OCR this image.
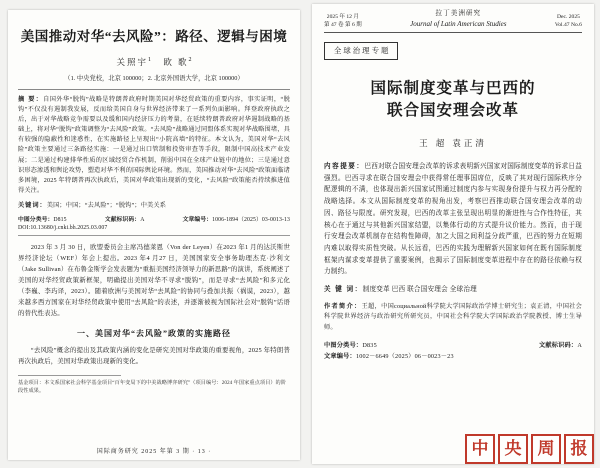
美国推动对华“去风险”：路径、逻辑与困境
关照宇$^1$ 欧 歌$^2$
（1. 中央党校，北京 100000；2. 北京外国语大学，北京 100000）
摘 要：自国外华“脱钩”战略是特朗普政府时期美国对华经贸政策的重要内容，事实证明，“脱钩”不仅没有遏制我发展，反而给美国自身与世界经济带来了一系列负面影响。拜登政府执政之后，出于对华战略竞争需要以及缓和国内经济压力的考量，在延续特朗普政府对华遏制战略的基础上，将对华“脱钩”政策调整为“去风险”政策。“去风险”战略通过同盟体系实现对华战略围堵，具有较强的隐蔽性和迷惑性，在实施路径上呈现出“小院高墙”的特征。本文认为，美国对华“去风险”政策主要通过三条路径实施：一是通过出口管制和投资审查等手段，限制中国高技术产业发展；二是通过构建排华性质的区域经贸合作机制，削弱中国在全球产业链中的地位；三是通过意识形态渗透和舆论攻势，塑造对华不利的国际舆论环境。然而，美国推动对华“去风险”政策面临诸多困境，2025 年特朗普再次执政后，美国对华政策出现新的变化，“去风险”政策能否持续推进值得关注。
关键词：美国；中国；“去风险”；“脱钩”；中美关系
中图分类号：D815	文献标识码：A	文章编号：1006-1894（2025）03-0013-13
DOI:10.13680/j.cnki.bh.2025.03.007

2023 年 3 月 30 日，欧盟委员会主席冯德莱恩（Von der Leyen）在2023 年1 月的达沃斯世界经济论坛（WEF）年会上提出。2023 年4 月27 日，美国国家安全事务助理杰克·沙利文（Jake Sullivan）在布鲁金斯学会发表题为“重振美国经济领导力的新思路”的演讲，系统阐述了美国的对华经贸政策新框架，明确提出美国对华不寻求“脱钩”，而是寻求“去风险”和多元化（李巍、李玙译，2023）。随着欧洲与美国对华“去风险”的协同与叠加共振（祸谟，2023），越来越多西方国家在对华经贸政策中使用“去风险”的表述，并逐渐被视为国际社会对“脱钩”话语的替代性表达。

一、美国对华“去风险”政策的实施路径

“去风险”概念的提出及其政策内涵的变化是研究美国对华政策的重要视角，2025 年特朗普再次执政后，美国对华政策出现新的变化。

基金项目：本文系国家社会科学基金项目“百年变局下的中美战略博弈研究”（项目编号：2024 年国家重点项目）的阶段性成果。
国际商务研究 2025 年第 3 期 · 13 ·
2025 年 12 月
第 47 卷 第 6 期
拉丁美洲研究
Journal of Latin American Studies
Dec. 2025
Vol.47 No.6
全球治理专题
国际制度变革与巴西的
联合国安理会改革
王 超 袁正清
内容提要：巴西对联合国安理会改革的诉求表明新兴国家对国际制度变革的诉求日益强烈。巴西寻求在联合国安理会中获得常任理事国席位，反映了其对现行国际秩序分配逻辑的不满，也体现出新兴国家试图通过制度内参与实现身份提升与权力再分配的战略选择。本文从国际制度变革的视角出发，考察巴西推动联合国安理会改革的动因、路径与限度。研究发现，巴西的改革主张呈现出明显的渐进性与合作性特征，其核心在于通过与其他新兴国家结盟，以集体行动的方式提升议价能力。然而，由于现行安理会改革机制存在结构性障碍，加之大国之间利益分歧严重，巴西的努力在短期内难以取得实质性突破。从长远看，巴西的实践为理解新兴国家如何在既有国际制度框架内谋求变革提供了重要案例，也揭示了国际制度变革进程中存在的路径依赖与权力制约。
关 键 词：制度变革 巴西 联合国安理会 全球治理
作者简介：王超，中国социальной科学院大学国际政治学博士研究生；袁正清，中国社会科学院世界经济与政治研究所研究员，中国社会科学院大学国际政治学院教授、博士生导师。
中图分类号：D835	文献标识码：A
文章编号：1002－6649（2025）06－0023－23
中 央 周 报
